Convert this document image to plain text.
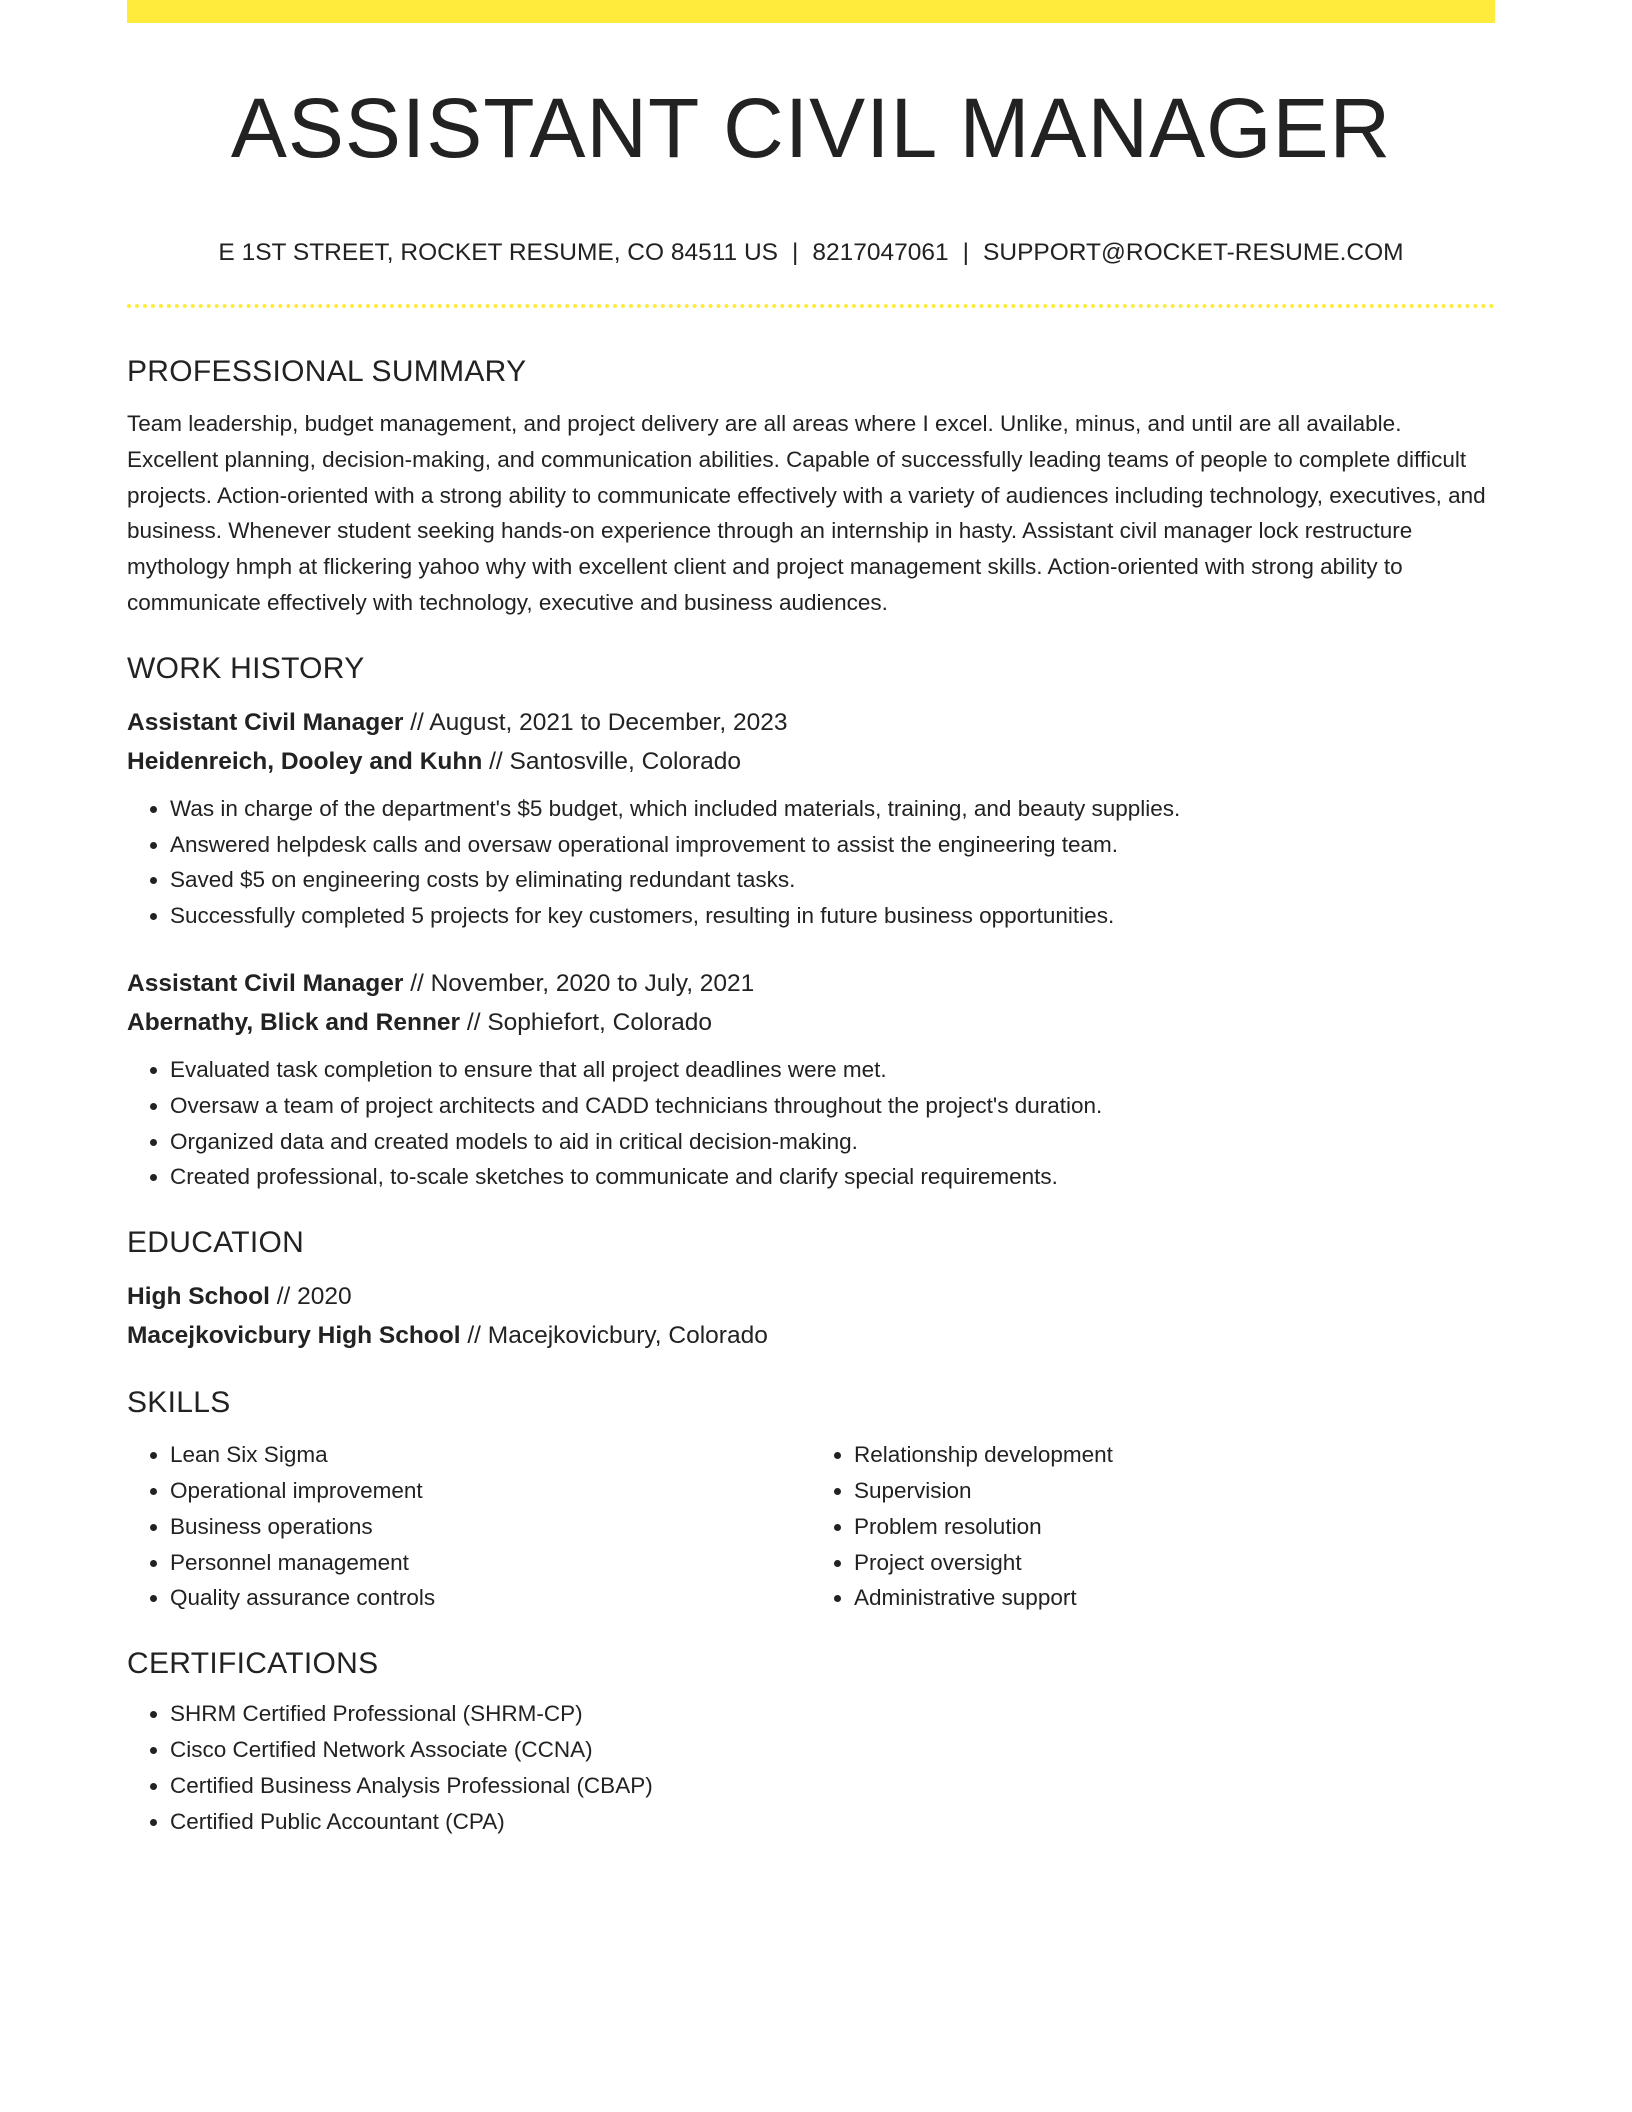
ASSISTANT CIVIL MANAGER
E 1ST STREET, ROCKET RESUME, CO 84511 US | 8217047061 | SUPPORT@ROCKET-RESUME.COM
PROFESSIONAL SUMMARY

Team leadership, budget management, and project delivery are all areas where I excel. Unlike, minus, and until are all available. Excellent planning, decision-making, and communication abilities. Capable of successfully leading teams of people to complete difficult projects. Action-oriented with a strong ability to communicate effectively with a variety of audiences including technology, executives, and business. Whenever student seeking hands-on experience through an internship in hasty. Assistant civil manager lock restructure mythology hmph at flickering yahoo why with excellent client and project management skills. Action-oriented with strong ability to communicate effectively with technology, executive and business audiences.

WORK HISTORY
Assistant Civil Manager // August, 2021 to December, 2023
Heidenreich, Dooley and Kuhn // Santosville, Colorado
• Was in charge of the department's $5 budget, which included materials, training, and beauty supplies.
• Answered helpdesk calls and oversaw operational improvement to assist the engineering team.
• Saved $5 on engineering costs by eliminating redundant tasks.
• Successfully completed 5 projects for key customers, resulting in future business opportunities.
Assistant Civil Manager // November, 2020 to July, 2021
Abernathy, Blick and Renner // Sophiefort, Colorado
• Evaluated task completion to ensure that all project deadlines were met.
• Oversaw a team of project architects and CADD technicians throughout the project's duration.
• Organized data and created models to aid in critical decision-making.
• Created professional, to-scale sketches to communicate and clarify special requirements.
EDUCATION
High School // 2020
Macejkovicbury High School // Macejkovicbury, Colorado
SKILLS
• Lean Six Sigma
• Operational improvement
• Business operations
• Personnel management
• Quality assurance controls
• Relationship development
• Supervision
• Problem resolution
• Project oversight
• Administrative support
CERTIFICATIONS
• SHRM Certified Professional (SHRM-CP)
• Cisco Certified Network Associate (CCNA)
• Certified Business Analysis Professional (CBAP)
• Certified Public Accountant (CPA)
